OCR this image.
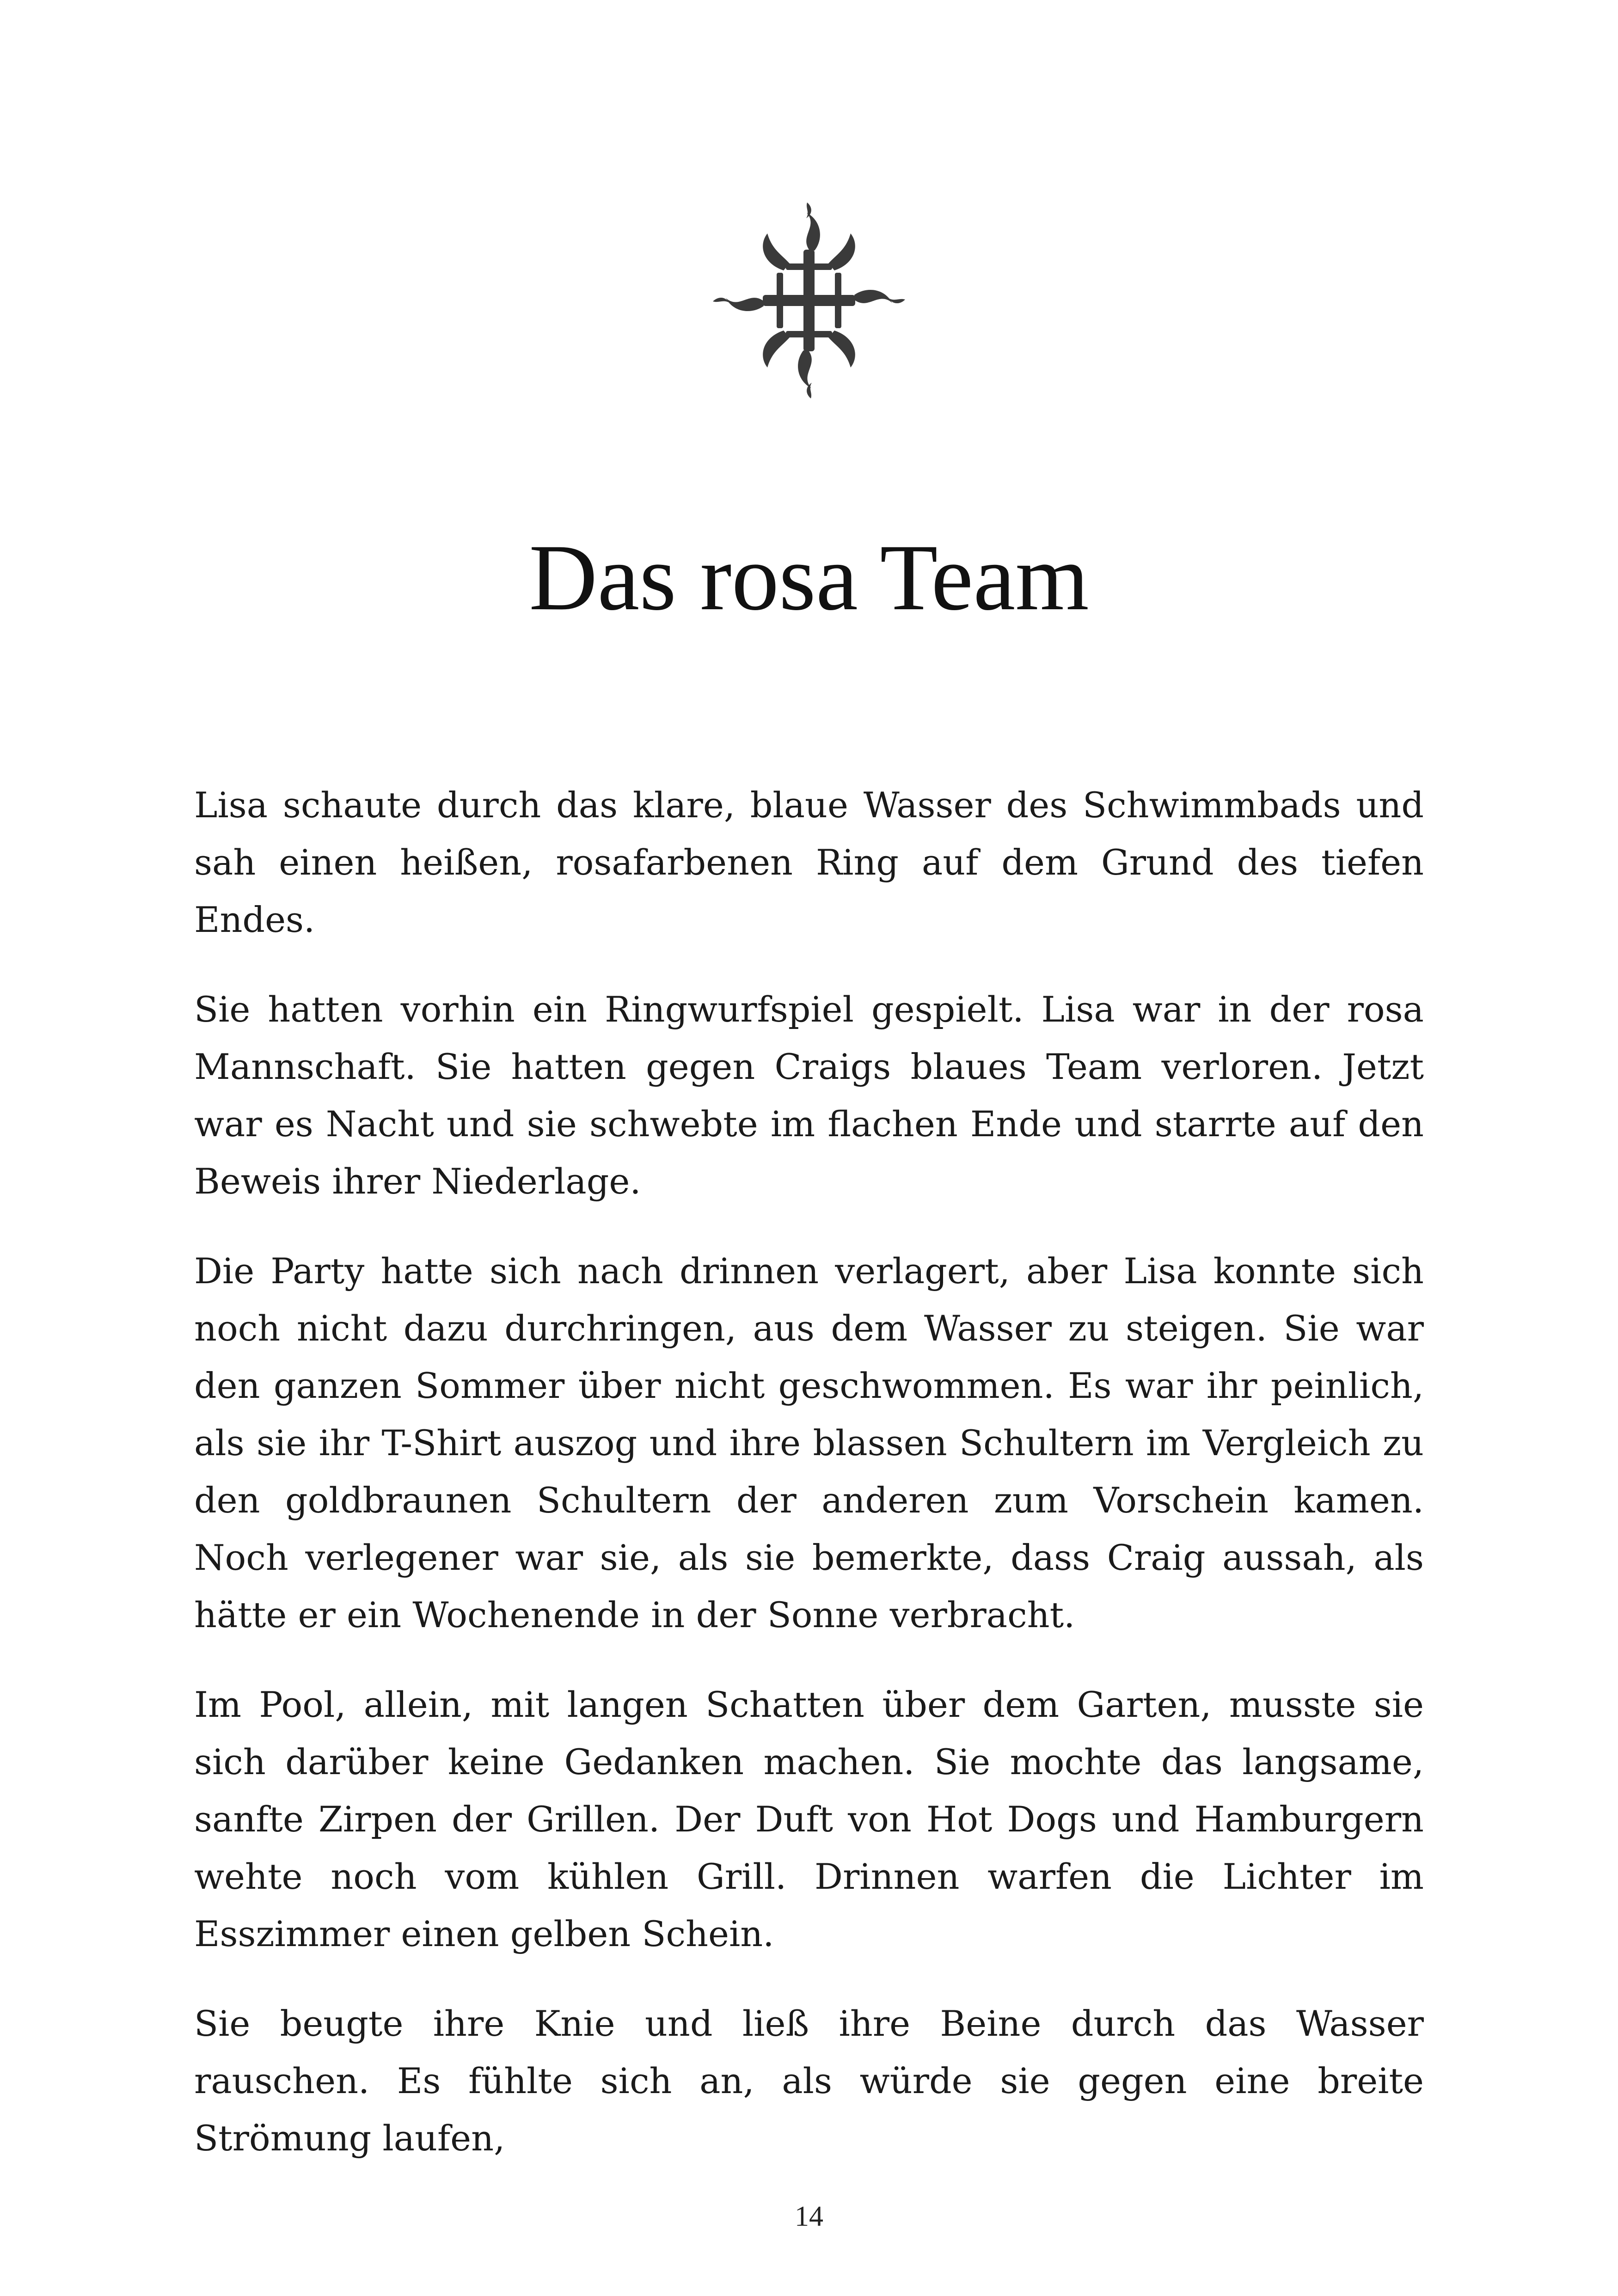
Das rosa Team

Lisa schaute durch das klare, blaue Wasser des Schwimmbads und sah einen heißen, rosafarbenen Ring auf dem Grund des tiefen Endes.

Sie hatten vorhin ein Ringwurfspiel gespielt. Lisa war in der rosa Mannschaft. Sie hatten gegen Craigs blaues Team verloren. Jetzt war es Nacht und sie schwebte im flachen Ende und starrte auf den Beweis ihrer Niederlage.

Die Party hatte sich nach drinnen verlagert, aber Lisa konnte sich noch nicht dazu durchringen, aus dem Wasser zu steigen. Sie war den ganzen Sommer über nicht geschwommen. Es war ihr peinlich, als sie ihr T-Shirt auszog und ihre blassen Schultern im Vergleich zu den goldbraunen Schultern der anderen zum Vorschein kamen. Noch verlegener war sie, als sie bemerkte, dass Craig aussah, als hätte er ein Wochenende in der Sonne verbracht.

Im Pool, allein, mit langen Schatten über dem Garten, musste sie sich darüber keine Gedanken machen. Sie mochte das langsame, sanfte Zirpen der Grillen. Der Duft von Hot Dogs und Hamburgern wehte noch vom kühlen Grill. Drinnen warfen die Lichter im Esszimmer einen gelben Schein.

Sie beugte ihre Knie und ließ ihre Beine durch das Wasser rauschen. Es fühlte sich an, als würde sie gegen eine breite Strömung laufen,

14
